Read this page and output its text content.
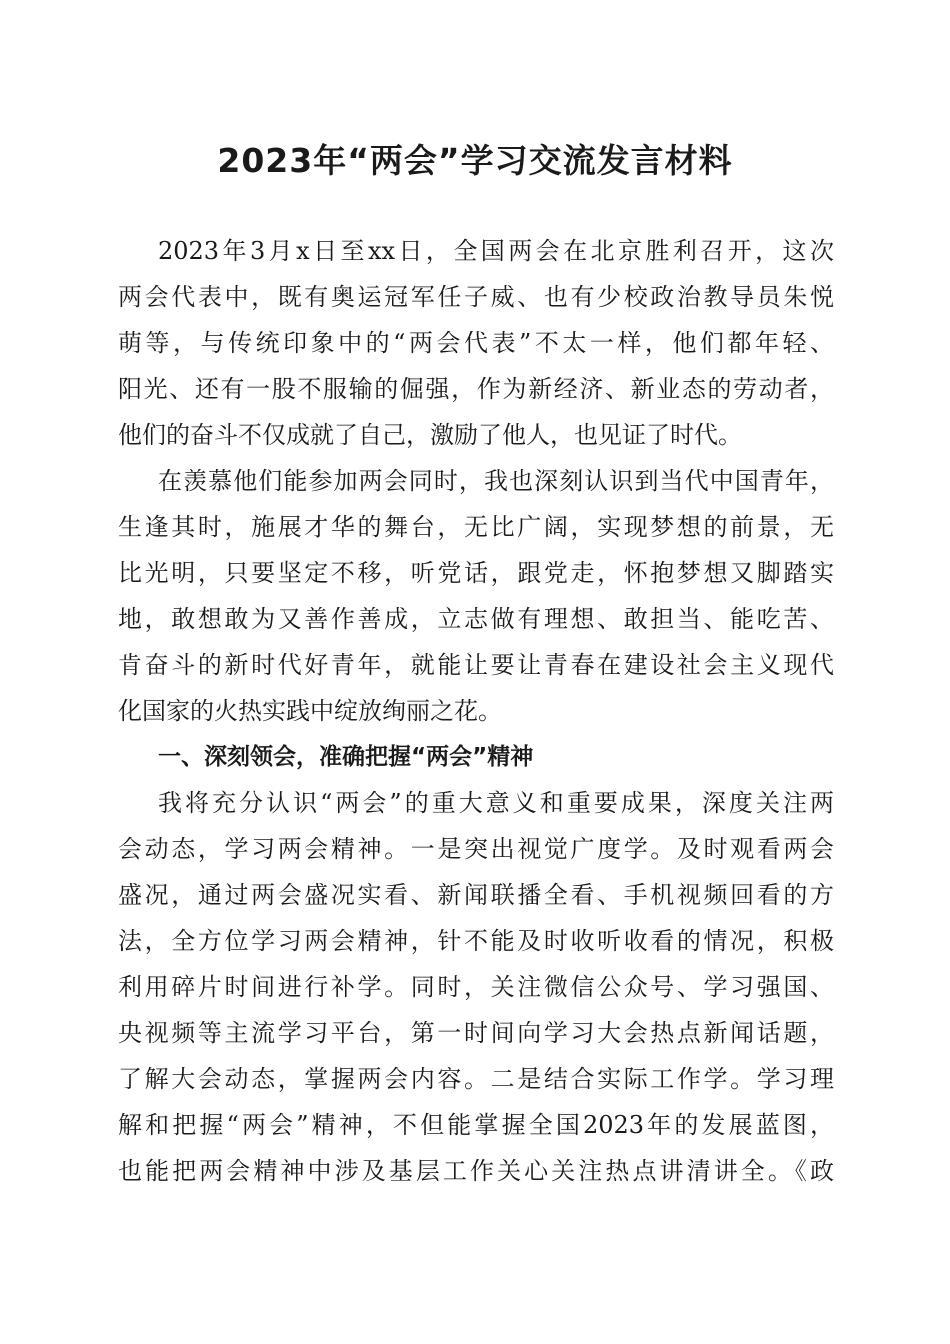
2023年“两会”学习交流发言材料
2023年3月x日至xx日，全国两会在北京胜利召开，这次
两会代表中，既有奥运冠军任子威、也有少校政治教导员朱悦
萌等，与传统印象中的“两会代表”不太一样，他们都年轻、
阳光、还有一股不服输的倔强，作为新经济、新业态的劳动者，
他们的奋斗不仅成就了自己，激励了他人，也见证了时代。
在羡慕他们能参加两会同时，我也深刻认识到当代中国青年，
生逢其时，施展才华的舞台，无比广阔，实现梦想的前景，无
比光明，只要坚定不移，听党话，跟党走，怀抱梦想又脚踏实
地，敢想敢为又善作善成，立志做有理想、敢担当、能吃苦、
肯奋斗的新时代好青年，就能让要让青春在建设社会主义现代
化国家的火热实践中绽放绚丽之花。
一、深刻领会，准确把握“两会”精神
我将充分认识“两会”的重大意义和重要成果，深度关注两
会动态，学习两会精神。一是突出视觉广度学。及时观看两会
盛况，通过两会盛况实看、新闻联播全看、手机视频回看的方
法，全方位学习两会精神，针不能及时收听收看的情况，积极
利用碎片时间进行补学。同时，关注微信公众号、学习强国、
央视频等主流学习平台，第一时间向学习大会热点新闻话题，
了解大会动态，掌握两会内容。二是结合实际工作学。学习理
解和把握“两会”精神，不但能掌握全国2023年的发展蓝图，
也能把两会精神中涉及基层工作关心关注热点讲清讲全。《政
